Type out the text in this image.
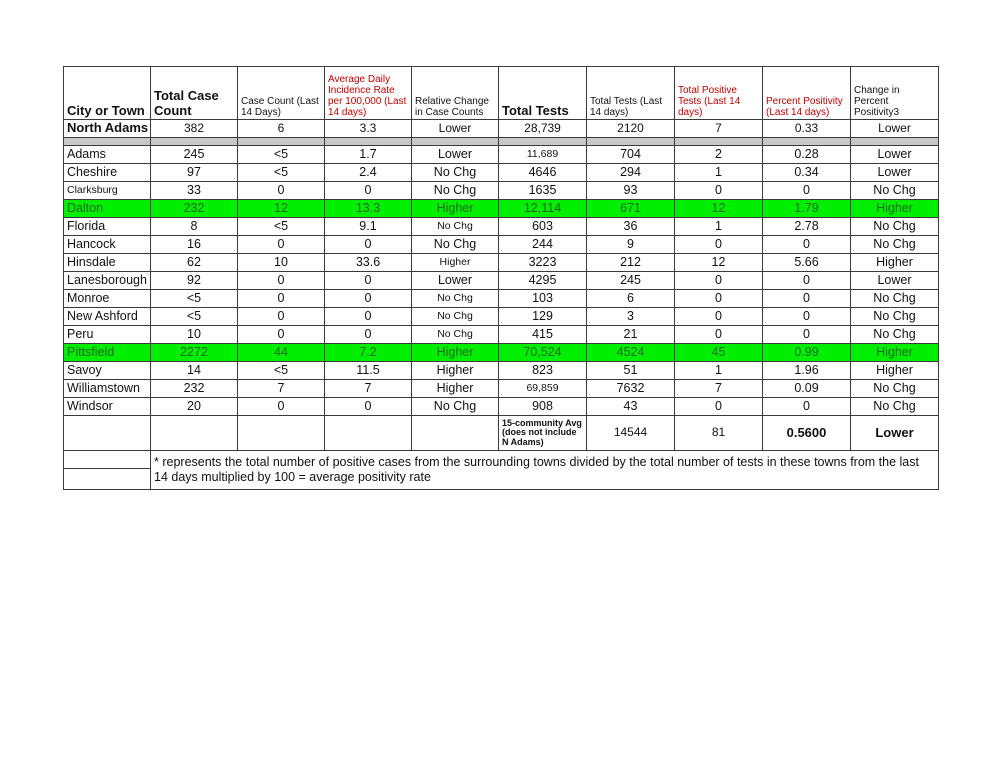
City or Town	Total Case Count	Case Count (Last 14 Days)	Average Daily Incidence Rate per 100,000 (Last 14 days)	Relative Change in Case Counts	Total Tests	Total Tests (Last 14 days)	Total Positive Tests (Last 14 days)	Percent Positivity (Last 14 days)	Change in Percent Positivity3
North Adams	382	6	3.3	Lower	28,739	2120	7	0.33	Lower

Adams	245	<5	1.7	Lower	11,689	704	2	0.28	Lower
Cheshire	97	<5	2.4	No Chg	4646	294	1	0.34	Lower
Clarksburg	33	0	0	No Chg	1635	93	0	0	No Chg
Dalton	232	12	13.3	Higher	12,114	671	12	1.79	Higher
Florida	8	<5	9.1	No Chg	603	36	1	2.78	No Chg
Hancock	16	0	0	No Chg	244	9	0	0	No Chg
Hinsdale	62	10	33.6	Higher	3223	212	12	5.66	Higher
Lanesborough	92	0	0	Lower	4295	245	0	0	Lower
Monroe	<5	0	0	No Chg	103	6	0	0	No Chg
New Ashford	<5	0	0	No Chg	129	3	0	0	No Chg
Peru	10	0	0	No Chg	415	21	0	0	No Chg
Pittsfield	2272	44	7.2	Higher	70,524	4524	45	0.99	Higher
Savoy	14	<5	11.5	Higher	823	51	1	1.96	Higher
Williamstown	232	7	7	Higher	69,859	7632	7	0.09	No Chg
Windsor	20	0	0	No Chg	908	43	0	0	No Chg
					15-community Avg (does not include N Adams)	14544	81	0.5600	Lower

	* represents the total number of positive cases from the surrounding towns divided by the total number of tests in these towns from the last 14 days multiplied by 100 = average positivity rate								
